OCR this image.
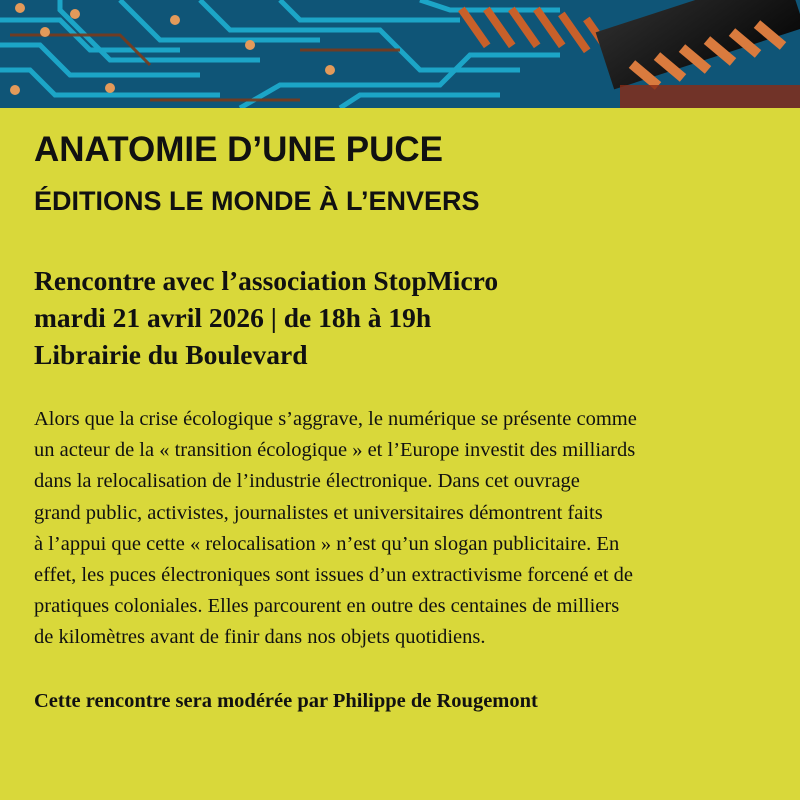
ANATOMIE D’UNE PUCE
ÉDITIONS LE MONDE À L’ENVERS
Rencontre avec l’association StopMicro
mardi 21 avril 2026 | de 18h à 19h
Librairie du Boulevard
Alors que la crise écologique s’aggrave, le numérique se présente comme
un acteur de la « transition écologique » et l’Europe investit des milliards
dans la relocalisation de l’industrie électronique. Dans cet ouvrage
grand public, activistes, journalistes et universitaires démontrent faits
à l’appui que cette « relocalisation » n’est qu’un slogan publicitaire. En
effet, les puces électroniques sont issues d’un extractivisme forcené et de
pratiques coloniales. Elles parcourent en outre des centaines de milliers
de kilomètres avant de finir dans nos objets quotidiens.
Cette rencontre sera modérée par Philippe de Rougemont
